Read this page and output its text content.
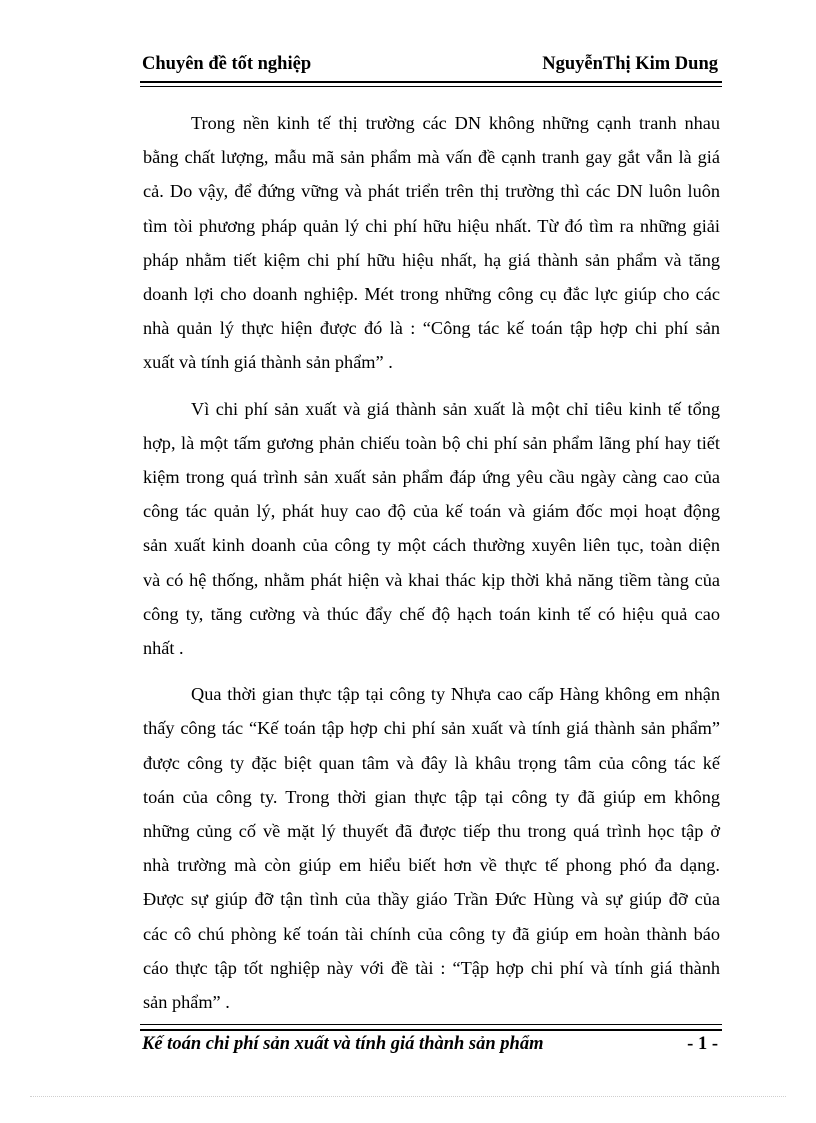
Chuyên đề tốt nghiệp	NguyễnThị Kim Dung

Trong nền kinh tế thị trường các DN không những cạnh tranh nhau
bằng chất lượng, mẫu mã sản phẩm mà vấn đề cạnh tranh gay gắt vẫn là giá
cả. Do vậy, để đứng vững và phát triển trên thị trường thì các DN luôn luôn
tìm tòi phương pháp quản lý chi phí hữu hiệu nhất. Từ đó tìm ra những giải
pháp nhằm tiết kiệm chi phí hữu hiệu nhất, hạ giá thành sản phẩm và tăng
doanh lợi cho doanh nghiệp. Mét trong những công cụ đắc lực giúp cho các
nhà quản lý thực hiện được đó là : “Công tác kế toán tập hợp chi phí sản
xuất và tính giá thành sản phẩm” .

Vì chi phí sản xuất và giá thành sản xuất là một chỉ tiêu kinh tế tổng
hợp, là một tấm gương phản chiếu toàn bộ chi phí sản phẩm lãng phí hay tiết
kiệm trong quá trình sản xuất sản phẩm đáp ứng yêu cầu ngày càng cao của
công tác quản lý, phát huy cao độ của kế toán và giám đốc mọi hoạt động
sản xuất kinh doanh của công ty một cách thường xuyên liên tục, toàn diện
và có hệ thống, nhằm phát hiện và khai thác kịp thời khả năng tiềm tàng của
công ty, tăng cường và thúc đẩy chế độ hạch toán kinh tế có hiệu quả cao
nhất .

Qua thời gian thực tập tại công ty Nhựa cao cấp Hàng không em nhận
thấy công tác “Kế toán tập hợp chi phí sản xuất và tính giá thành sản phẩm”
được công ty đặc biệt quan tâm và đây là khâu trọng tâm của công tác kế
toán của công ty. Trong thời gian thực tập tại công ty đã giúp em không
những củng cố về mặt lý thuyết đã được tiếp thu trong quá trình học tập ở
nhà trường mà còn giúp em hiểu biết hơn về thực tế phong phó đa dạng.
Được sự giúp đỡ tận tình của thầy giáo Trần Đức Hùng và sự giúp đỡ của
các cô chú phòng kế toán tài chính của công ty đã giúp em hoàn thành báo
cáo thực tập tốt nghiệp này với đề tài : “Tập hợp chi phí và tính giá thành
sản phẩm” .

Kế toán chi phí sản xuất và tính giá thành sản phẩm	- 1 -
